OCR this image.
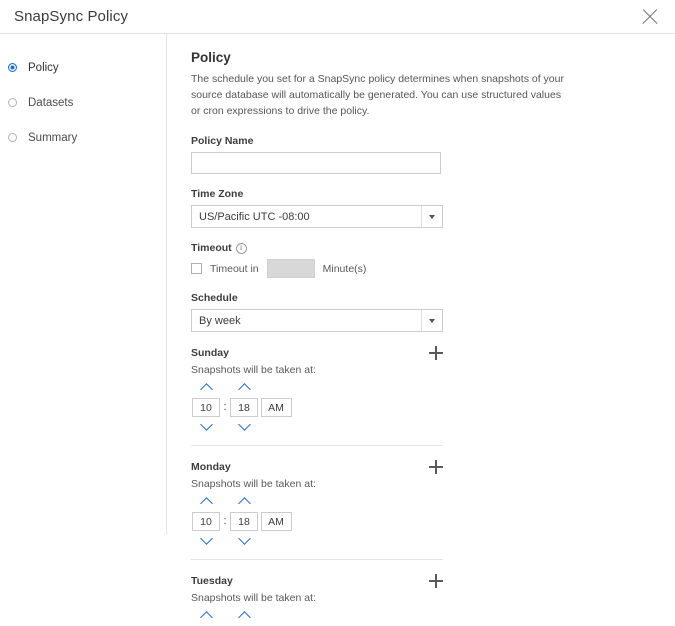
SnapSync Policy
Policy
Datasets
Summary
Policy
The schedule you set for a SnapSync policy determines when snapshots of your source database will automatically be generated. You can use structured values or cron expressions to drive the policy.
Policy Name
Time Zone
US/Pacific UTC -08:00
Timeout	i
Timeout in	Minute(s)
Schedule
By week
Sunday
Snapshots will be taken at:
10	:	18	AM
Monday
Snapshots will be taken at:
10	:	18	AM
Tuesday
Snapshots will be taken at:
